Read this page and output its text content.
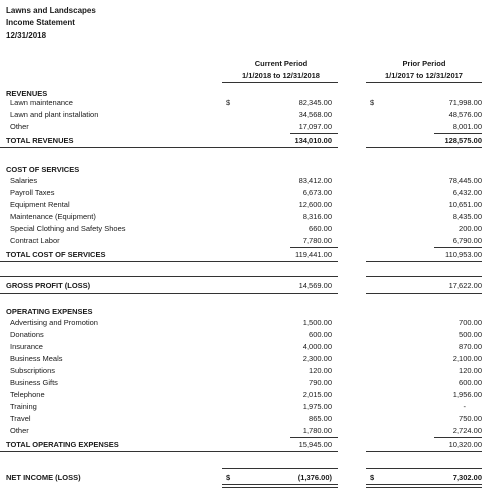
Lawns and Landscapes
Income Statement
12/31/2018
Current Period
1/1/2018 to 12/31/2018
Prior Period
1/1/2017 to 12/31/2017
REVENUES
$	$
Lawn maintenance	82,345.00	71,998.00
Lawn and plant installation	34,568.00	48,576.00
Other	17,097.00	8,001.00
TOTAL REVENUES	134,010.00	128,575.00
COST OF SERVICES
Salaries	83,412.00	78,445.00
Payroll Taxes	6,673.00	6,432.00
Equipment Rental	12,600.00	10,651.00
Maintenance (Equipment)	8,316.00	8,435.00
Special Clothing and Safety Shoes	660.00	200.00
Contract Labor	7,780.00	6,790.00
TOTAL COST OF SERVICES	119,441.00	110,953.00
GROSS PROFIT (LOSS)	14,569.00	17,622.00
OPERATING EXPENSES
Advertising and Promotion	1,500.00	700.00
Donations	600.00	500.00
Insurance	4,000.00	870.00
Business Meals	2,300.00	2,100.00
Subscriptions	120.00	120.00
Business Gifts	790.00	600.00
Telephone	2,015.00	1,956.00
Training	1,975.00	-
Travel	865.00	750.00
Other	1,780.00	2,724.00
TOTAL OPERATING EXPENSES	15,945.00	10,320.00
NET INCOME (LOSS)	$	(1,376.00)	$	7,302.00
